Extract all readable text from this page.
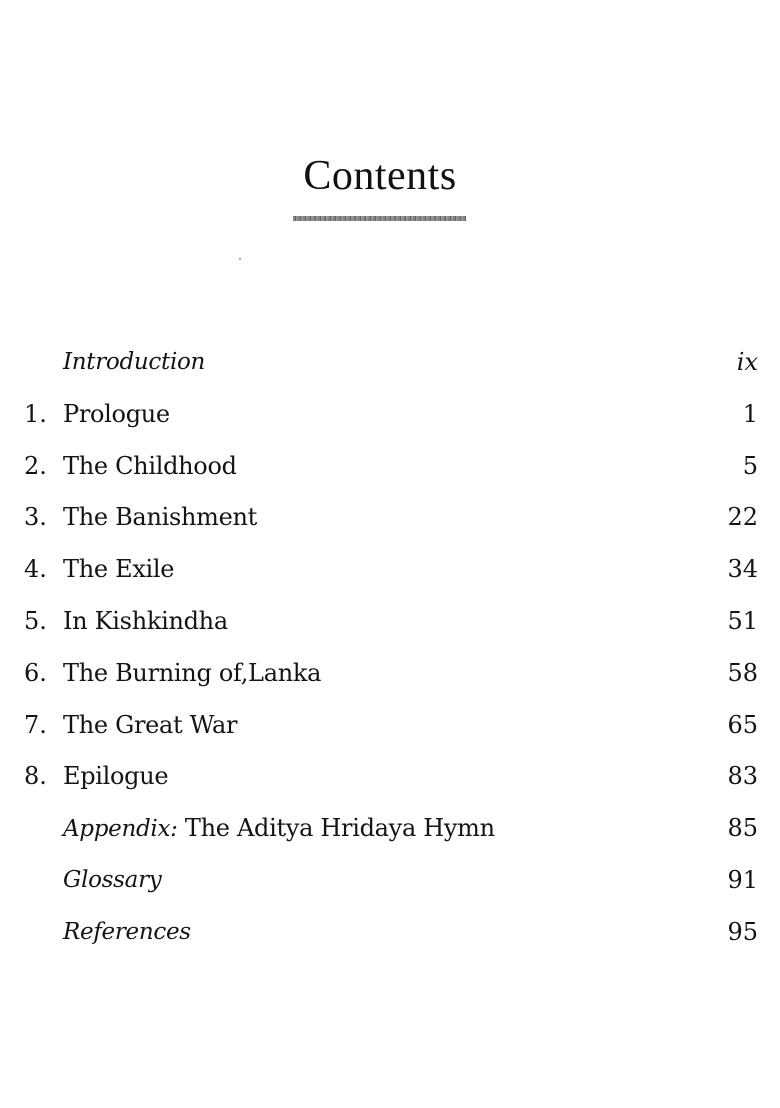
Contents
Introduction	ix
1. Prologue	1
2. The Childhood	5
3. The Banishment	22
4. The Exile	34
5. In Kishkindha	51
6. The Burning of,Lanka	58
7. The Great War	65
8. Epilogue	83
Appendix: The Aditya Hridaya Hymn	85
Glossary	91
References	95
